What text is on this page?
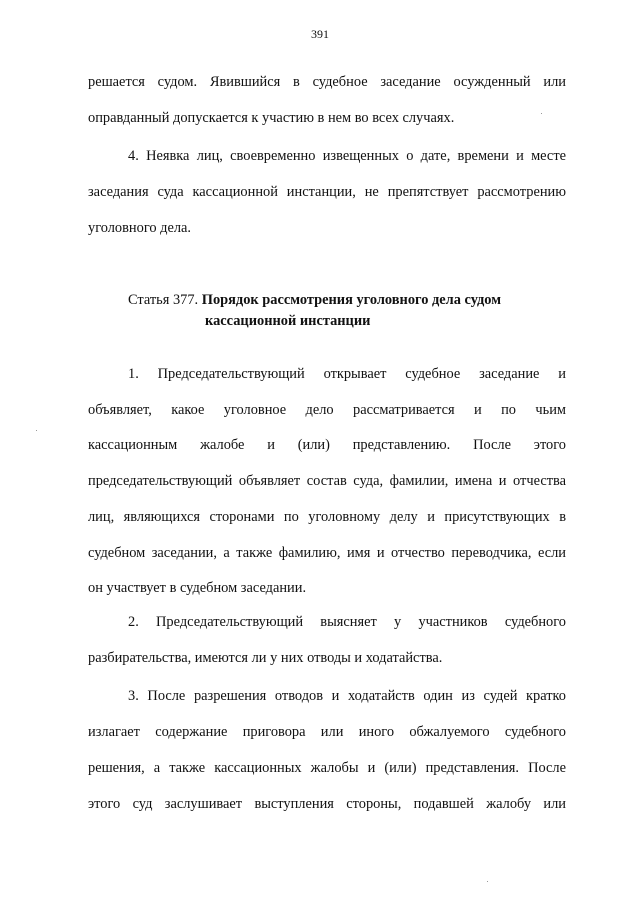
391
решается судом. Явившийся в судебное заседание осужденный или
оправданный допускается к участию в нем во всех случаях.
4. Неявка лиц, своевременно извещенных о дате, времени и месте
заседания суда кассационной инстанции, не препятствует рассмотрению
уголовного дела.
Статья 377. Порядок рассмотрения уголовного дела судом
кассационной инстанции
1. Председательствующий открывает судебное заседание и
объявляет, какое уголовное дело рассматривается и по чьим
кассационным жалобе и (или) представлению. После этого
председательствующий объявляет состав суда, фамилии, имена и отчества
лиц, являющихся сторонами по уголовному делу и присутствующих в
судебном заседании, а также фамилию, имя и отчество переводчика, если
он участвует в судебном заседании.
2. Председательствующий выясняет у участников судебного
разбирательства, имеются ли у них отводы и ходатайства.
3. После разрешения отводов и ходатайств один из судей кратко
излагает содержание приговора или иного обжалуемого судебного
решения, а также кассационных жалобы и (или) представления. После
этого суд заслушивает выступления стороны, подавшей жалобу или
